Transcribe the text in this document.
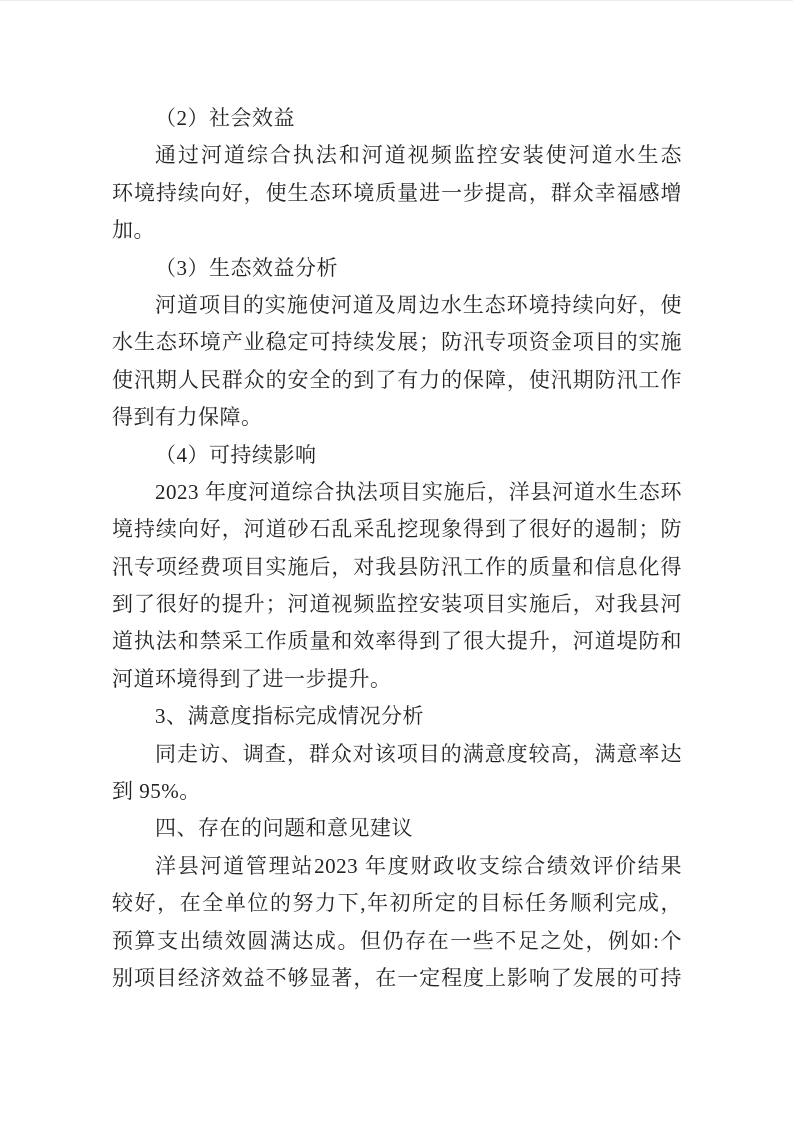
（2）社会效益
通过河道综合执法和河道视频监控安装使河道水生态
环境持续向好，使生态环境质量进一步提高，群众幸福感增
加。
（3）生态效益分析
河道项目的实施使河道及周边水生态环境持续向好，使
水生态环境产业稳定可持续发展；防汛专项资金项目的实施
使汛期人民群众的安全的到了有力的保障，使汛期防汛工作
得到有力保障。
（4）可持续影响
2023 年度河道综合执法项目实施后，洋县河道水生态环
境持续向好，河道砂石乱采乱挖现象得到了很好的遏制；防
汛专项经费项目实施后，对我县防汛工作的质量和信息化得
到了很好的提升；河道视频监控安装项目实施后，对我县河
道执法和禁采工作质量和效率得到了很大提升，河道堤防和
河道环境得到了进一步提升。
3、满意度指标完成情况分析
同走访、调查，群众对该项目的满意度较高，满意率达
到 95%。
四、存在的问题和意见建议
洋县河道管理站2023 年度财政收支综合绩效评价结果
较好，在全单位的努力下,年初所定的目标任务顺利完成，
预算支出绩效圆满达成。但仍存在一些不足之处，例如:个
别项目经济效益不够显著，在一定程度上影响了发展的可持
